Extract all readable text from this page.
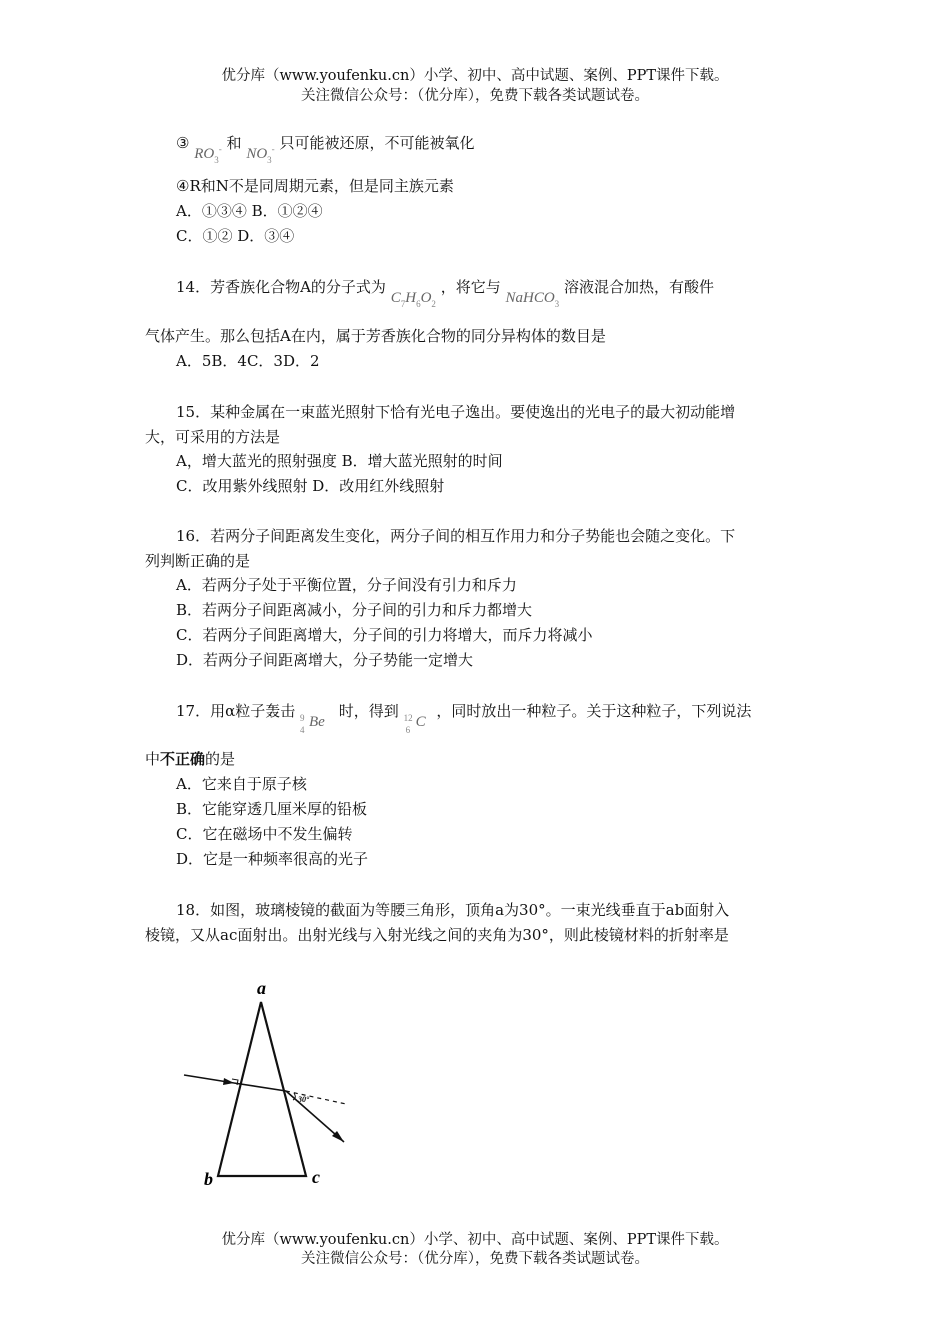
优分库（www.youfenku.cn）小学、初中、高中试题、案例、PPT课件下载。
关注微信公众号：（优分库），免费下载各类试题试卷。
③ $RO_3^-$ 和 $NO_3^-$ 只可能被还原，不可能被氧化
④R和N不是同周期元素，但是同主族元素
A．①③④ B．①②④
C．①② D．③④
14．芳香族化合物A的分子式为 $C_7H_6O_2$ ，将它与 NaHCO$_3$ 溶液混合加热，有酸件
气体产生。那么包括A在内，属于芳香族化合物的同分异构体的数目是
A．5B．4C．3D．2
15．某种金属在一束蓝光照射下恰有光电子逸出。要使逸出的光电子的最大初动能增
大，可采用的方法是
A，增大蓝光的照射强度 B．增大蓝光照射的时间
C．改用紫外线照射 D．改用红外线照射
16．若两分子间距离发生变化，两分子间的相互作用力和分子势能也会随之变化。下
列判断正确的是
A．若两分子处于平衡位置，分子间没有引力和斥力
B．若两分子间距离减小，分子间的引力和斥力都增大
C．若两分子间距离增大，分子间的引力将增大，而斥力将减小
D．若两分子间距离增大，分子势能一定增大
17．用α粒子轰击 9
4 Be
时，得到 12
6 C
，同时放出一种粒子。关于这种粒子，下列说法
中不正确的是
A．它来自于原子核
B．它能穿透几厘米厚的铅板
C．它在磁场中不发生偏转
D．它是一种频率很高的光子
18．如图，玻璃棱镜的截面为等腰三角形，顶角a为30°。一束光线垂直于ab面射入
棱镜，又从ac面射出。出射光线与入射光线之间的夹角为30°，则此棱镜材料的折射率是
30°
a
b	c
优分库（www.youfenku.cn）小学、初中、高中试题、案例、PPT课件下载。
关注微信公众号：（优分库），免费下载各类试题试卷。
